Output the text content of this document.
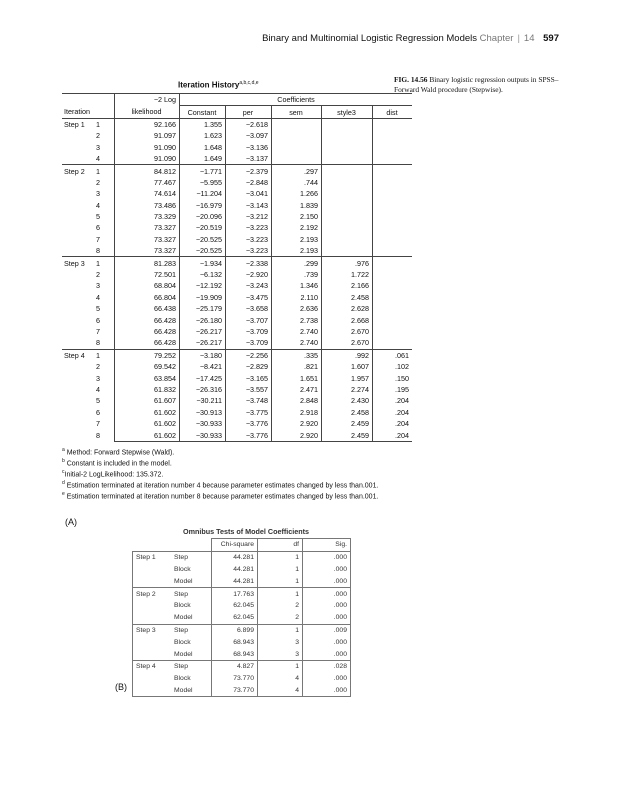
Binary and Multinomial Logistic Regression Models Chapter | 14 597
FIG. 14.56 Binary logistic regression outputs in SPSS–Forward Wald procedure (Stepwise).
Iteration History$^{a,b,c,d,e}$
	−2 Log	Coefficients				
Iteration	likelihood	Constant	per	sem	style3	dist
Step 1 1	92.166	1.355	−2.618			
2	91.097	1.623	−3.097			
3	91.090	1.648	−3.136			
4	91.090	1.649	−3.137			
Step 2 1	84.812	−1.771	−2.379	.297		
2	77.467	−5.955	−2.848	.744		
3	74.614	−11.204	−3.041	1.266		
4	73.486	−16.979	−3.143	1.839		
5	73.329	−20.096	−3.212	2.150		
6	73.327	−20.519	−3.223	2.192		
7	73.327	−20.525	−3.223	2.193		
8	73.327	−20.525	−3.223	2.193		
Step 3 1	81.283	−1.934	−2.338	.299	.976	
2	72.501	−6.132	−2.920	.739	1.722	
3	68.804	−12.192	−3.243	1.346	2.166	
4	66.804	−19.909	−3.475	2.110	2.458	
5	66.438	−25.179	−3.658	2.636	2.628	
6	66.428	−26.180	−3.707	2.738	2.668	
7	66.428	−26.217	−3.709	2.740	2.670	
8	66.428	−26.217	−3.709	2.740	2.670	
Step 4 1	79.252	−3.180	−2.256	.335	.992	.061
2	69.542	−8.421	−2.829	.821	1.607	.102
3	63.854	−17.425	−3.165	1.651	1.957	.150
4	61.832	−26.316	−3.557	2.471	2.274	.195
5	61.607	−30.211	−3.748	2.848	2.430	.204
6	61.602	−30.913	−3.775	2.918	2.458	.204
7	61.602	−30.933	−3.776	2.920	2.459	.204
8	61.602	−30.933	−3.776	2.920	2.459	.204
$^a$ Method: Forward Stepwise (Wald).
$^b$ Constant is included in the model.
$^c$Initial-2 LogLikelihood: 135.372.
$^d$ Estimation terminated at iteration number 4 because parameter estimates changed by less than.001.
$^e$ Estimation terminated at iteration number 8 because parameter estimates changed by less than.001.
(A)
Omnibus Tests of Model Coefficients
		Chi-square	df	Sig.
Step 1	Step	44.281	1	.000
	Block	44.281	1	.000
	Model	44.281	1	.000
Step 2	Step	17.763	1	.000
	Block	62.045	2	.000
	Model	62.045	2	.000
Step 3	Step	6.899	1	.009
	Block	68.943	3	.000
	Model	68.943	3	.000
Step 4	Step	4.827	1	.028
	Block	73.770	4	.000
	Model	73.770	4	.000
(B)
